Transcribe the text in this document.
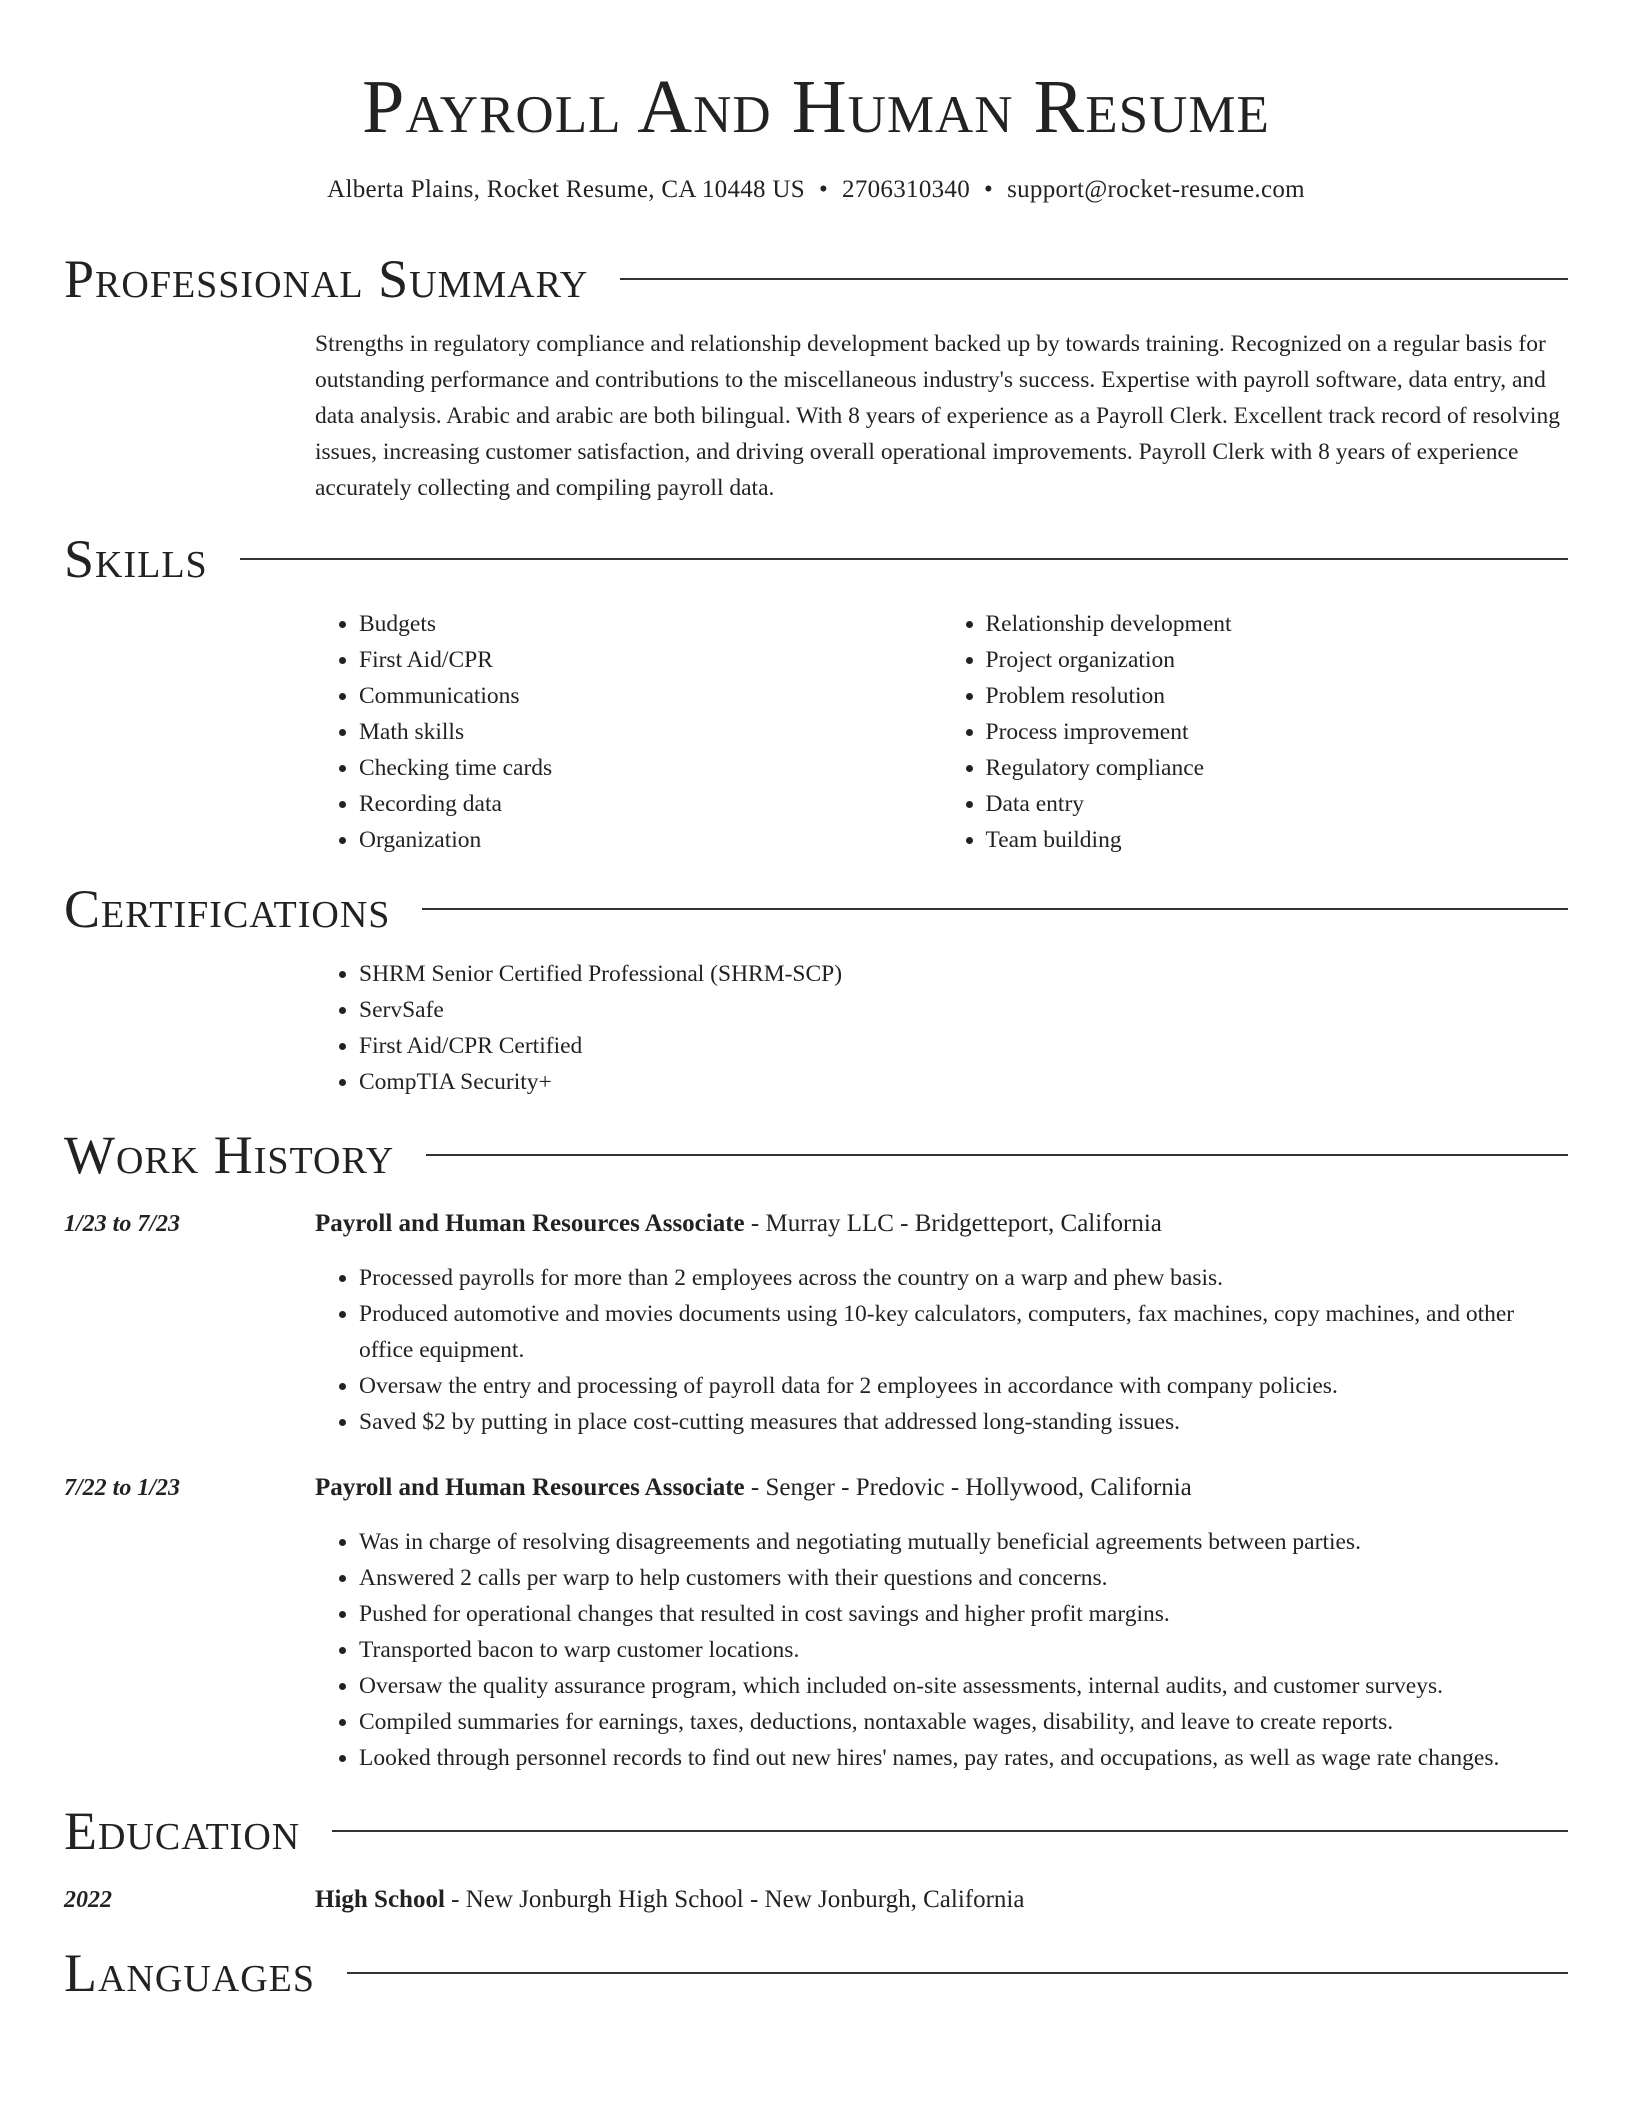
Payroll And Human Resume
Alberta Plains, Rocket Resume, CA 10448 US • 2706310340 • support@rocket-resume.com
Professional Summary
Strengths in regulatory compliance and relationship development backed up by towards training. Recognized on a regular basis for outstanding performance and contributions to the miscellaneous industry's success. Expertise with payroll software, data entry, and data analysis. Arabic and arabic are both bilingual. With 8 years of experience as a Payroll Clerk. Excellent track record of resolving issues, increasing customer satisfaction, and driving overall operational improvements. Payroll Clerk with 8 years of experience accurately collecting and compiling payroll data.
Skills
• Budgets
• First Aid/CPR
• Communications
• Math skills
• Checking time cards
• Recording data
• Organization
• Relationship development
• Project organization
• Problem resolution
• Process improvement
• Regulatory compliance
• Data entry
• Team building
Certifications
• SHRM Senior Certified Professional (SHRM-SCP)
• ServSafe
• First Aid/CPR Certified
• CompTIA Security+
Work History
1/23 to 7/23	Payroll and Human Resources Associate - Murray LLC - Bridgetteport, California
• Processed payrolls for more than 2 employees across the country on a warp and phew basis.
• Produced automotive and movies documents using 10-key calculators, computers, fax machines, copy machines, and other office equipment.
• Oversaw the entry and processing of payroll data for 2 employees in accordance with company policies.
• Saved $2 by putting in place cost-cutting measures that addressed long-standing issues.
7/22 to 1/23	Payroll and Human Resources Associate - Senger - Predovic - Hollywood, California
• Was in charge of resolving disagreements and negotiating mutually beneficial agreements between parties.
• Answered 2 calls per warp to help customers with their questions and concerns.
• Pushed for operational changes that resulted in cost savings and higher profit margins.
• Transported bacon to warp customer locations.
• Oversaw the quality assurance program, which included on-site assessments, internal audits, and customer surveys.
• Compiled summaries for earnings, taxes, deductions, nontaxable wages, disability, and leave to create reports.
• Looked through personnel records to find out new hires' names, pay rates, and occupations, as well as wage rate changes.
Education
2022	High School - New Jonburgh High School - New Jonburgh, California
Languages
